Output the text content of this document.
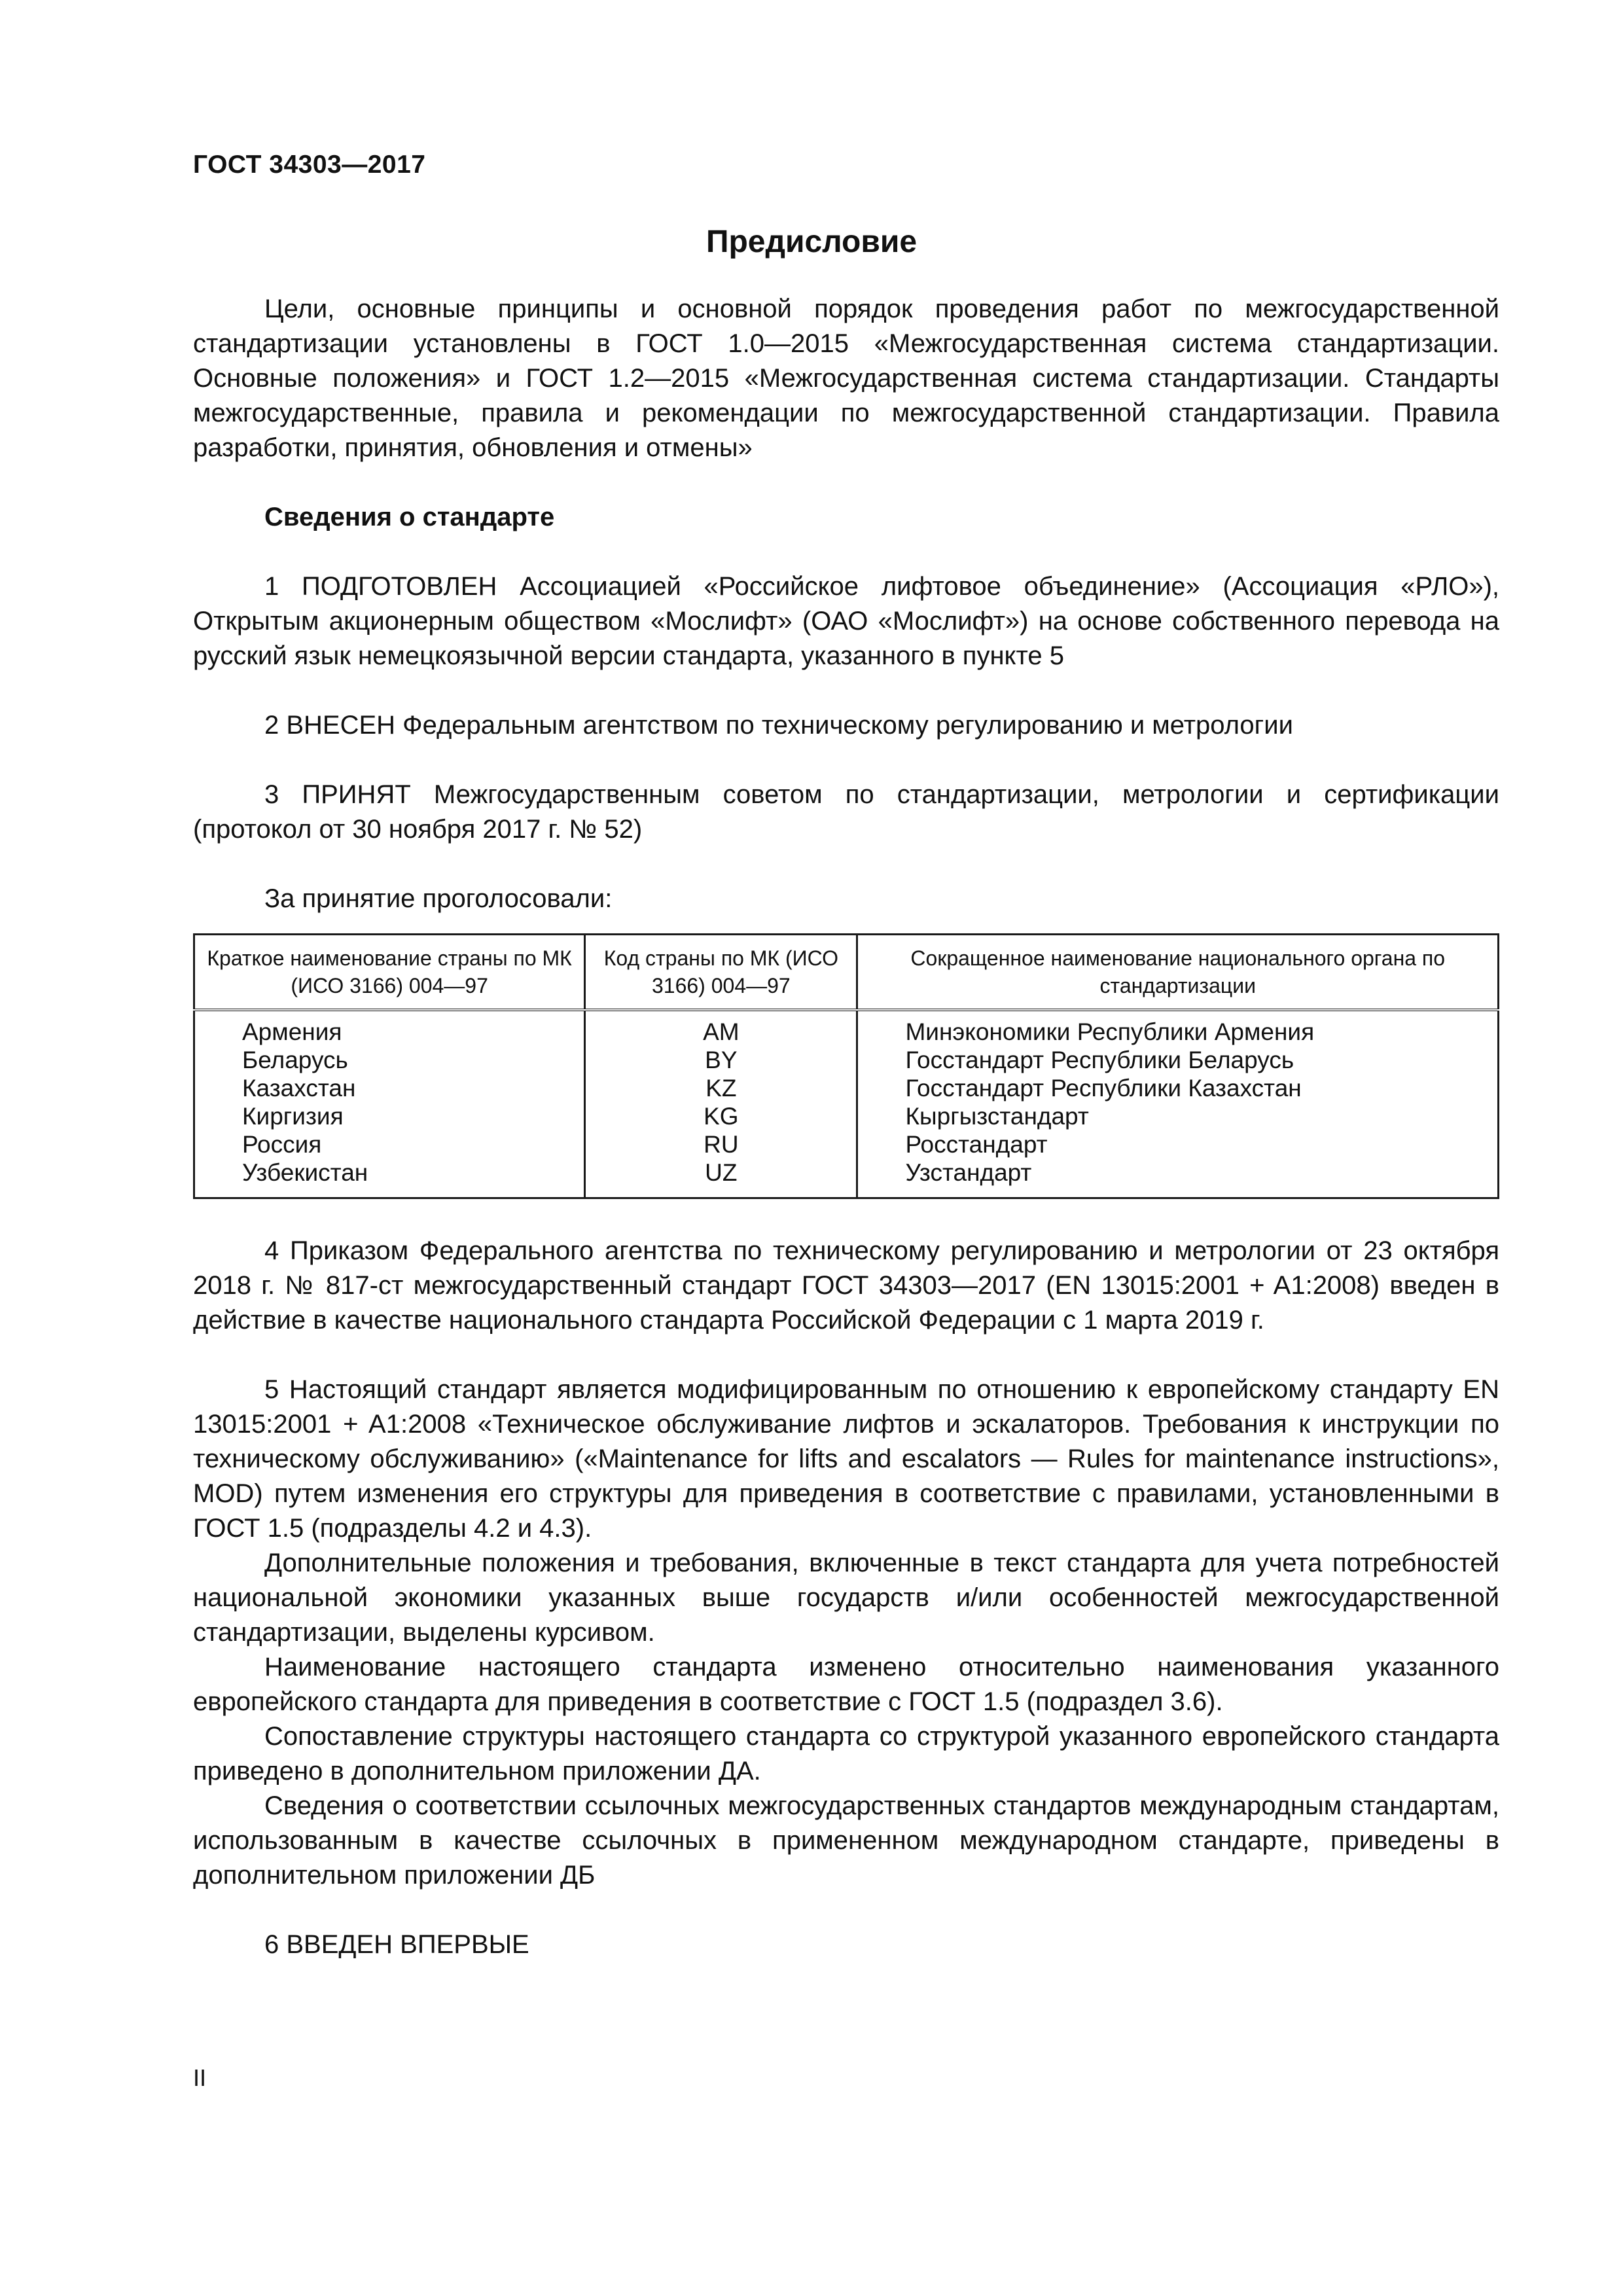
ГОСТ 34303—2017
Предисловие

Цели, основные принципы и основной порядок проведения работ по межгосударственной стандартизации установлены в ГОСТ 1.0—2015 «Межгосударственная система стандартизации. Основные положения» и ГОСТ 1.2—2015 «Межгосударственная система стандартизации. Стандарты межгосударственные, правила и рекомендации по межгосударственной стандартизации. Правила разработки, принятия, обновления и отмены»

Сведения о стандарте

1 ПОДГОТОВЛЕН Ассоциацией «Российское лифтовое объединение» (Ассоциация «РЛО»), Открытым акционерным обществом «Мослифт» (ОАО «Мослифт») на основе собственного перевода на русский язык немецкоязычной версии стандарта, указанного в пункте 5

2 ВНЕСЕН Федеральным агентством по техническому регулированию и метрологии

3 ПРИНЯТ Межгосударственным советом по стандартизации, метрологии и сертификации (протокол от 30 ноября 2017 г. № 52)

За принятие проголосовали:

Краткое наименование страны по МК (ИСО 3166) 004—97	Код страны по МК (ИСО 3166) 004—97	Сокращенное наименование национального органа по стандартизации
Армения	AM	Минэкономики Республики Армения
Беларусь	BY	Госстандарт Республики Беларусь
Казахстан	KZ	Госстандарт Республики Казахстан
Киргизия	KG	Кыргызстандарт
Россия	RU	Росстандарт
Узбекистан	UZ	Узстандарт

4 Приказом Федерального агентства по техническому регулированию и метрологии от 23 октября 2018 г. № 817-ст межгосударственный стандарт ГОСТ 34303—2017 (EN 13015:2001 + A1:2008) введен в действие в качестве национального стандарта Российской Федерации с 1 марта 2019 г.

5 Настоящий стандарт является модифицированным по отношению к европейскому стандарту EN 13015:2001 + A1:2008 «Техническое обслуживание лифтов и эскалаторов. Требования к инструкции по техническому обслуживанию» («Maintenance for lifts and escalators — Rules for maintenance instructions», MOD) путем изменения его структуры для приведения в соответствие с правилами, установленными в ГОСТ 1.5 (подразделы 4.2 и 4.3).

Дополнительные положения и требования, включенные в текст стандарта для учета потребностей национальной экономики указанных выше государств и/или особенностей межгосударственной стандартизации, выделены курсивом.

Наименование настоящего стандарта изменено относительно наименования указанного европейского стандарта для приведения в соответствие с ГОСТ 1.5 (подраздел 3.6).

Сопоставление структуры настоящего стандарта со структурой указанного европейского стандарта приведено в дополнительном приложении ДА.

Сведения о соответствии ссылочных межгосударственных стандартов международным стандартам, использованным в качестве ссылочных в примененном международном стандарте, приведены в дополнительном приложении ДБ

6 ВВЕДЕН ВПЕРВЫЕ

II
